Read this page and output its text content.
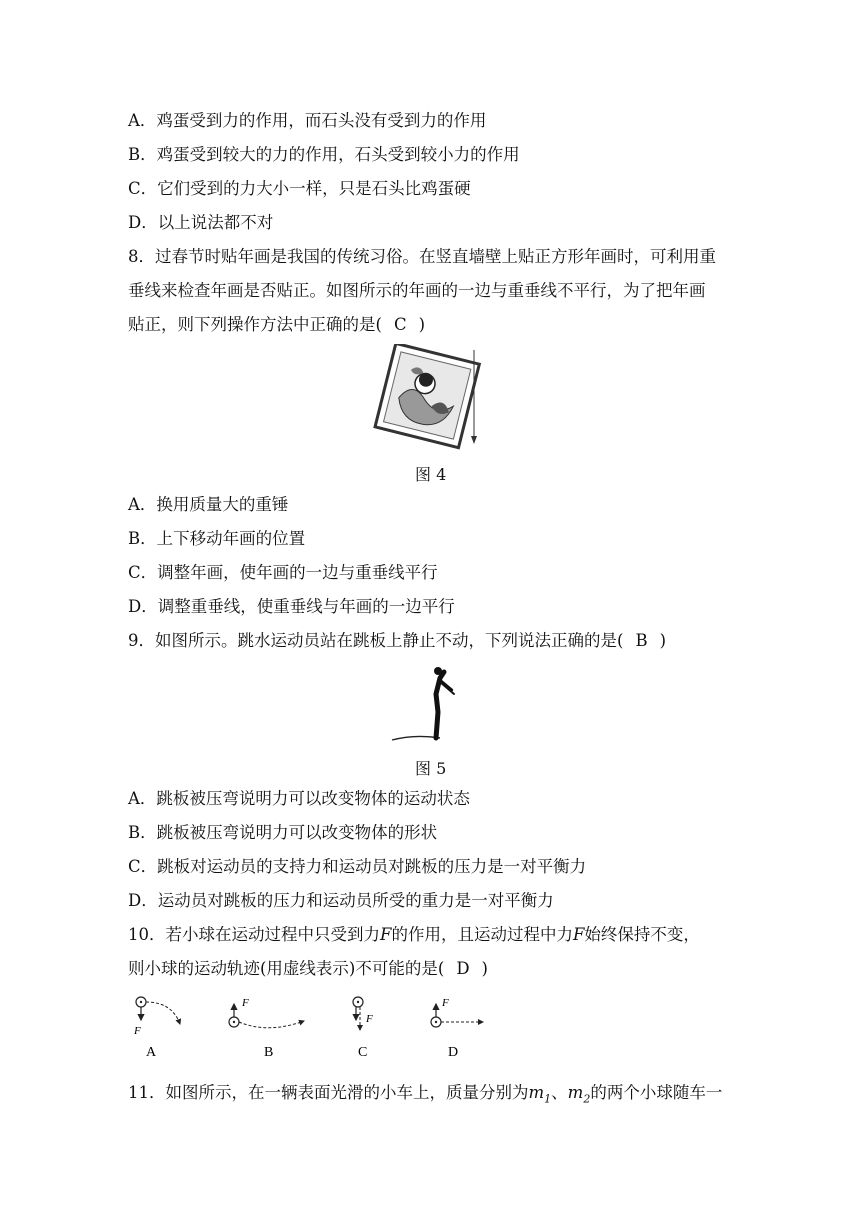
A．鸡蛋受到力的作用，而石头没有受到力的作用
B．鸡蛋受到较大的力的作用，石头受到较小力的作用
C．它们受到的力大小一样，只是石头比鸡蛋硬
D．以上说法都不对
8．过春节时贴年画是我国的传统习俗。在竖直墙壁上贴正方形年画时，可利用重
垂线来检查年画是否贴正。如图所示的年画的一边与重垂线不平行，为了把年画
贴正，则下列操作方法中正确的是( C )
图 4
A．换用质量大的重锤
B．上下移动年画的位置
C．调整年画，使年画的一边与重垂线平行
D．调整重垂线，使重垂线与年画的一边平行
9．如图所示。跳水运动员站在跳板上静止不动，下列说法正确的是( B )
图 5
A．跳板被压弯说明力可以改变物体的运动状态
B．跳板被压弯说明力可以改变物体的形状
C．跳板对运动员的支持力和运动员对跳板的压力是一对平衡力
D．运动员对跳板的压力和运动员所受的重力是一对平衡力
10．若小球在运动过程中只受到力F的作用，且运动过程中力F始终保持不变，
则小球的运动轨迹(用虚线表示)不可能的是( D )
F
A
F
B
F
C
F
D
11．如图所示，在一辆表面光滑的小车上，质量分别为$m_1$、$m_2$的两个小球随车一
